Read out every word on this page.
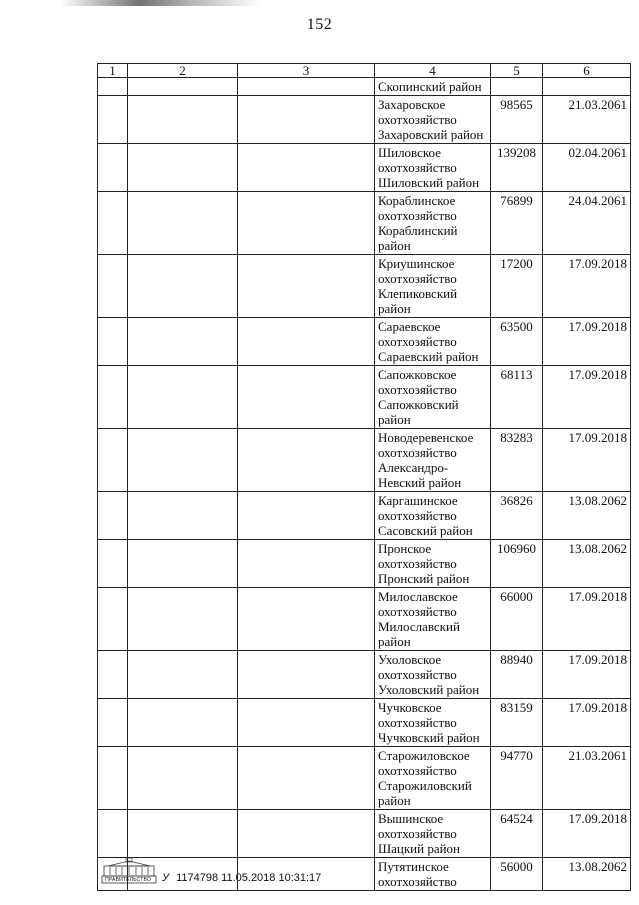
152
1	2	3	4	5	6
			Скопинский район		
			Захаровское охотхозяйство Захаровский район	98565	21.03.2061
			Шиловское охотхозяйство Шиловский район	139208	02.04.2061
			Кораблинское охотхозяйство Кораблинский район	76899	24.04.2061
			Криушинское охотхозяйство Клепиковский район	17200	17.09.2018
			Сараевское охотхозяйство Сараевский район	63500	17.09.2018
			Сапожковское охотхозяйство Сапожковский район	68113	17.09.2018
			Новодеревенское охотхозяйство Александро-Невский район	83283	17.09.2018
			Каргашинское охотхозяйство Сасовский район	36826	13.08.2062
			Пронское охотхозяйство Пронский район	106960	13.08.2062
			Милославское охотхозяйство Милославский район	66000	17.09.2018
			Ухоловское охотхозяйство Ухоловский район	88940	17.09.2018
			Чучковское охотхозяйство Чучковский район	83159	17.09.2018
			Старожиловское охотхозяйство Старожиловский район	94770	21.03.2061
			Вышинское охотхозяйство Шацкий район	64524	17.09.2018
			Путятинское охотхозяйство	56000	13.08.2062
ПРАВИТЕЛЬСТВО У 1174798 11.05.2018 10:31:17
